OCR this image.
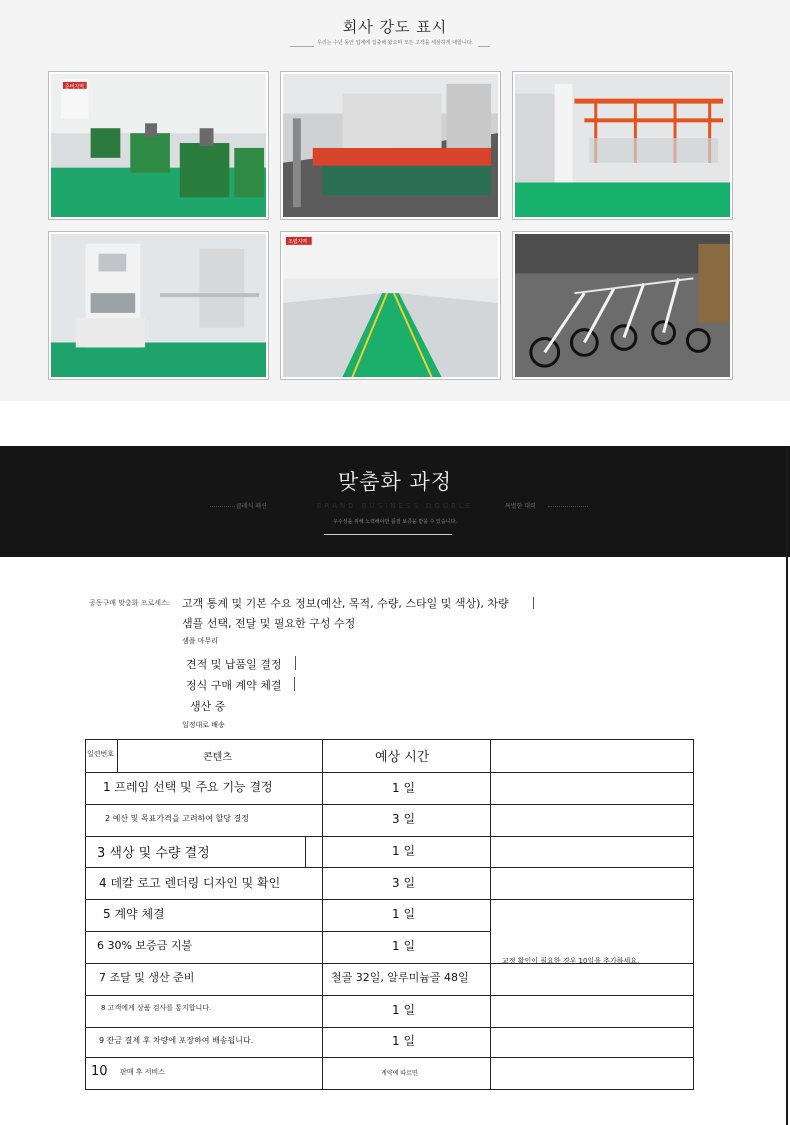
회사 강도 표시
우리는 수년 동안 업계에 집중해 왔으며 모든 고객을 세심하게 대합니다.
준비지역
조립지역
맞춤화 과정
클래식 패션	BRAND BUSINESS DOUBLE	특별한 대력
우수성을 위해 노력해야만 품질 보증을 받을 수 있습니다.
공동구매 맞춤화 프로세스: 고객 통계 및 기본 수요 정보(예산, 목적, 수량, 스타일 및 색상), 차량
샘플 선택, 전달 및 필요한 구성 수정
샘플 마무리
견적 및 납품일 결정
정식 구매 계약 체결
생산 중
일정대로 배송
일련번호	콘텐츠	예상 시간
1 프레임 선택 및 주요 기능 결정	1 일
2 예산 및 목표가격을 고려하여 할당 결정	3 일
3 색상 및 수량 결정	1 일
4 데칼 로고 렌더링 디자인 및 확인	3 일
5 계약 체결	1 일
6 30% 보증금 지불	1 일
7 조달 및 생산 준비	철골 32일, 알루미늄골 48일
8 고객에게 상품 검사를 통지합니다.	1 일
9 잔금 결제 후 차량에 포장하여 배송됩니다.	1 일
10 판매 후 서비스	계약에 따르면
교정 확인이 필요한 경우 10일을 추가하세요.
